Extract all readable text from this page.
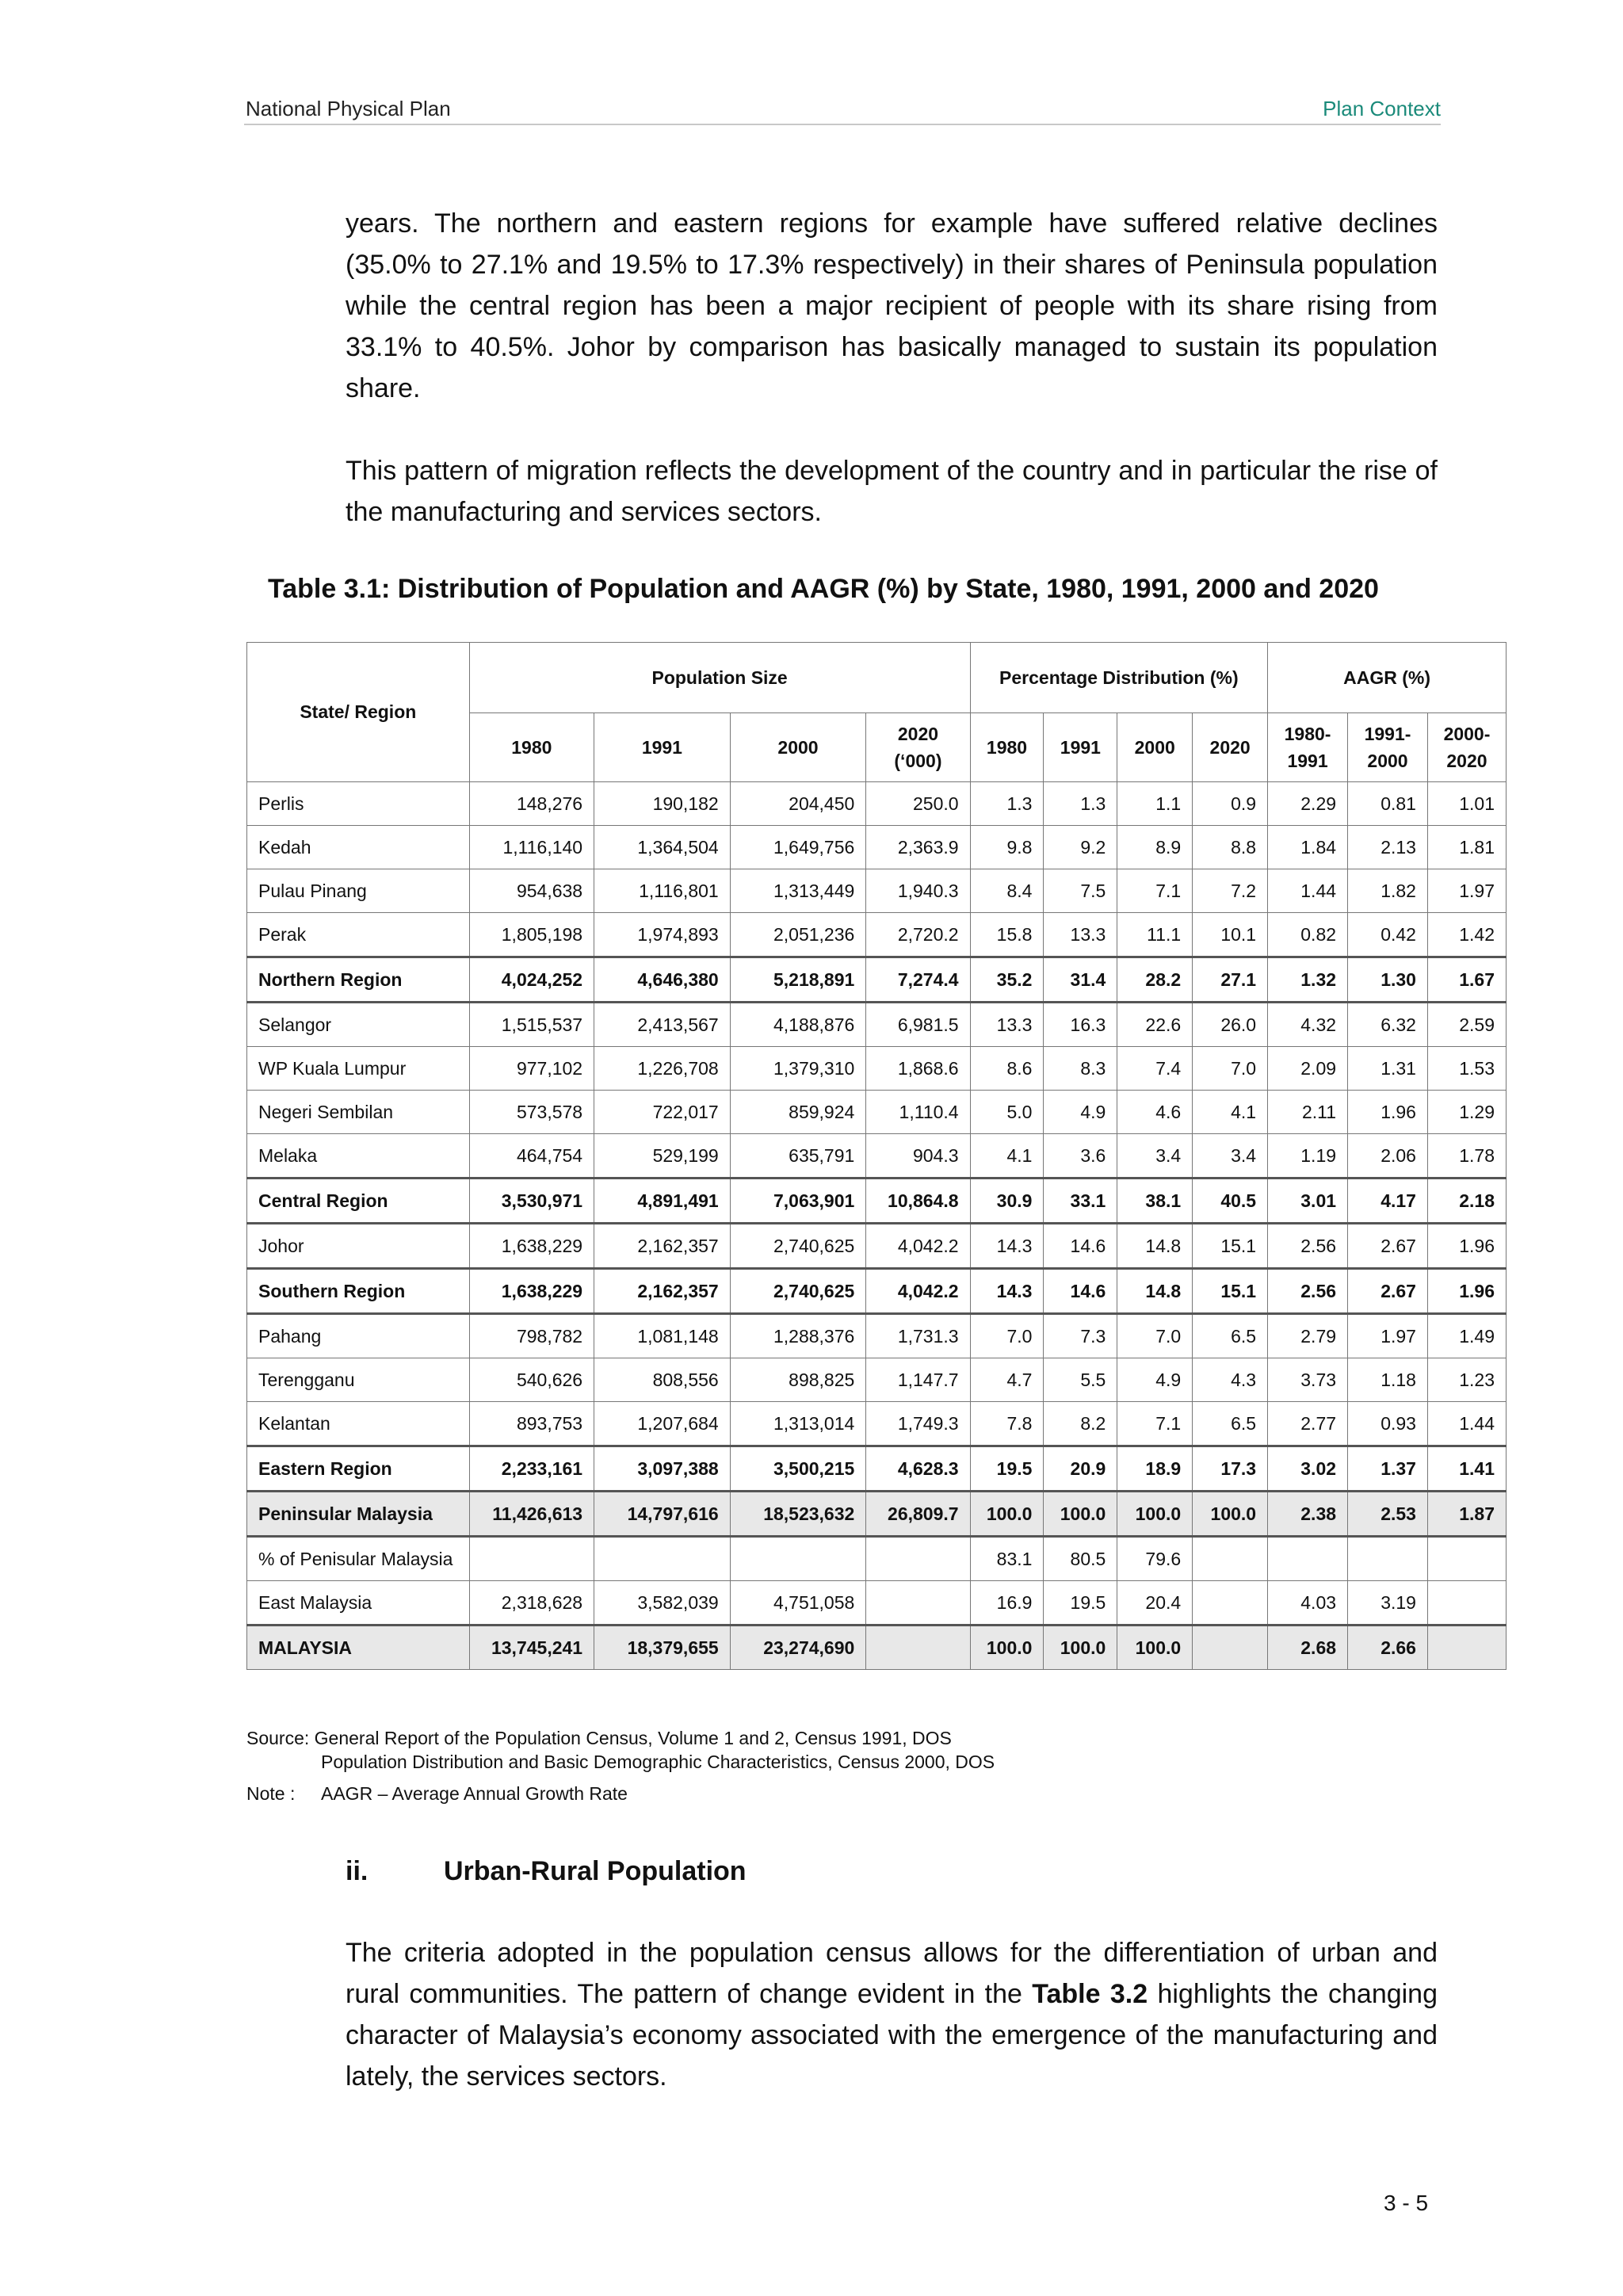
National Physical Plan	Plan Context
years. The northern and eastern regions for example have suffered relative declines (35.0% to 27.1% and 19.5% to 17.3% respectively) in their shares of Peninsula population while the central region has been a major recipient of people with its share rising from 33.1% to 40.5%. Johor by comparison has basically managed to sustain its population share.
This pattern of migration reflects the development of the country and in particular the rise of the manufacturing and services sectors.
Table 3.1: Distribution of Population and AAGR (%) by State, 1980, 1991, 2000 and 2020
State/ Region	Population Size				Percentage Distribution (%)				AAGR (%)		
	1980	1991	2000	2020 (‘000)	1980	1991	2000	2020	1980-1991	1991-2000	2000-2020
Perlis	148,276	190,182	204,450	250.0	1.3	1.3	1.1	0.9	2.29	0.81	1.01
Kedah	1,116,140	1,364,504	1,649,756	2,363.9	9.8	9.2	8.9	8.8	1.84	2.13	1.81
Pulau Pinang	954,638	1,116,801	1,313,449	1,940.3	8.4	7.5	7.1	7.2	1.44	1.82	1.97
Perak	1,805,198	1,974,893	2,051,236	2,720.2	15.8	13.3	11.1	10.1	0.82	0.42	1.42
Northern Region	4,024,252	4,646,380	5,218,891	7,274.4	35.2	31.4	28.2	27.1	1.32	1.30	1.67
Selangor	1,515,537	2,413,567	4,188,876	6,981.5	13.3	16.3	22.6	26.0	4.32	6.32	2.59
WP Kuala Lumpur	977,102	1,226,708	1,379,310	1,868.6	8.6	8.3	7.4	7.0	2.09	1.31	1.53
Negeri Sembilan	573,578	722,017	859,924	1,110.4	5.0	4.9	4.6	4.1	2.11	1.96	1.29
Melaka	464,754	529,199	635,791	904.3	4.1	3.6	3.4	3.4	1.19	2.06	1.78
Central Region	3,530,971	4,891,491	7,063,901	10,864.8	30.9	33.1	38.1	40.5	3.01	4.17	2.18
Johor	1,638,229	2,162,357	2,740,625	4,042.2	14.3	14.6	14.8	15.1	2.56	2.67	1.96
Southern Region	1,638,229	2,162,357	2,740,625	4,042.2	14.3	14.6	14.8	15.1	2.56	2.67	1.96
Pahang	798,782	1,081,148	1,288,376	1,731.3	7.0	7.3	7.0	6.5	2.79	1.97	1.49
Terengganu	540,626	808,556	898,825	1,147.7	4.7	5.5	4.9	4.3	3.73	1.18	1.23
Kelantan	893,753	1,207,684	1,313,014	1,749.3	7.8	8.2	7.1	6.5	2.77	0.93	1.44
Eastern Region	2,233,161	3,097,388	3,500,215	4,628.3	19.5	20.9	18.9	17.3	3.02	1.37	1.41
Peninsular Malaysia	11,426,613	14,797,616	18,523,632	26,809.7	100.0	100.0	100.0	100.0	2.38	2.53	1.87
% of Penisular Malaysia					83.1	80.5	79.6				
East Malaysia	2,318,628	3,582,039	4,751,058		16.9	19.5	20.4		4.03	3.19	
MALAYSIA	13,745,241	18,379,655	23,274,690		100.0	100.0	100.0		2.68	2.66	
Source: General Report of the Population Census, Volume 1 and 2, Census 1991, DOS
Population Distribution and Basic Demographic Characteristics, Census 2000, DOS
Note : AAGR – Average Annual Growth Rate
ii.	Urban-Rural Population
The criteria adopted in the population census allows for the differentiation of urban and rural communities. The pattern of change evident in the Table 3.2 highlights the changing character of Malaysia’s economy associated with the emergence of the manufacturing and lately, the services sectors.
3 - 5
